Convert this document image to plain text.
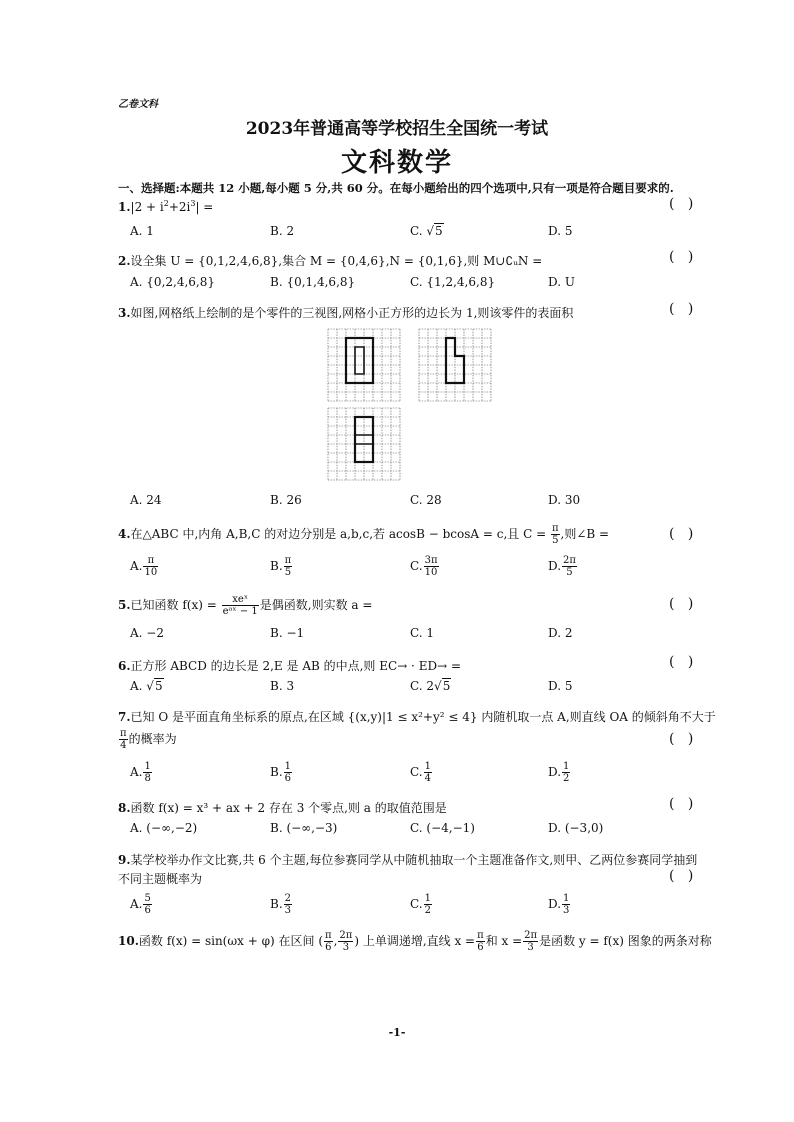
乙卷文科
2023年普通高等学校招生全国统一考试
文科数学
一、选择题:本题共 12 小题,每小题 5 分,共 60 分。在每小题给出的四个选项中,只有一项是符合题目要求的.
$1.|2 + i^2+2i^3|$ =	(   )
A. 1	B. 2	C. √5	D. 5
2.设全集 U = {0,1,2,4,6,8},集合 M = {0,4,6},N = {0,1,6},则 M∪∁ᵤN =	(   )
A. {0,2,4,6,8}	B. {0,1,4,6,8}	C. {1,2,4,6,8}	D. U
3.如图,网格纸上绘制的是个零件的三视图,网格小正方形的边长为 1,则该零件的表面积	(   )
A. 24	B. 26	C. 28	D. 30
4.在△ABC 中,内角 A,B,C 的对边分别是 a,b,c,若 acosB − bcosA = c,且 $C = \frac{\pi}{5}$ ,则∠B =	(   )
A. $\frac{\pi}{10}$	B. $\frac{\pi}{5}$	C. $\frac{3\pi}{10}$	D. $\frac{2\pi}{5}$
5.已知函数 $f(x) = \frac{\text{xeˣ}}{\text{eᵃˣ − 1}}$ 是偶函数,则实数 a =	(   )
A. −2	B. −1	C. 1	D. 2
6.正方形 ABCD 的边长是 2,E 是 AB 的中点,则 EC→ · ED→ =	(   )
A. √5	B. 3	C. 2√5	D. 5
7.已知 O 是平面直角坐标系的原点,在区域 {(x,y)|1 ≤ x²+y² ≤ 4} 内随机取一点 A,则直线 OA 的倾斜角不大于
$\frac{\pi}{4}$ 的概率为	(   )
A. $\frac{1}{8}$	B. $\frac{1}{6}$	C. $\frac{1}{4}$	D. $\frac{1}{2}$
8.函数 f(x) = x³ + ax + 2 存在 3 个零点,则 a 的取值范围是	(   )
A. (−∞,−2)	B. (−∞,−3)	C. (−4,−1)	D. (−3,0)
9.某学校举办作文比赛,共 6 个主题,每位参赛同学从中随机抽取一个主题准备作文,则甲、乙两位参赛同学抽到
不同主题概率为	(   )
A. $\frac{5}{6}$	B. $\frac{2}{3}$	C. $\frac{1}{2}$	D. $\frac{1}{3}$
10.函数 f(x) = sin(ωx + φ) 在区间 ( $\frac{\pi}{6}$ , $\frac{2\pi}{3}$ ) 上单调递增,直线 $x = \frac{\pi}{6}$ 和 $x = \frac{2\pi}{3}$ 是函数 y = f(x) 图象的两条对称
-1-
